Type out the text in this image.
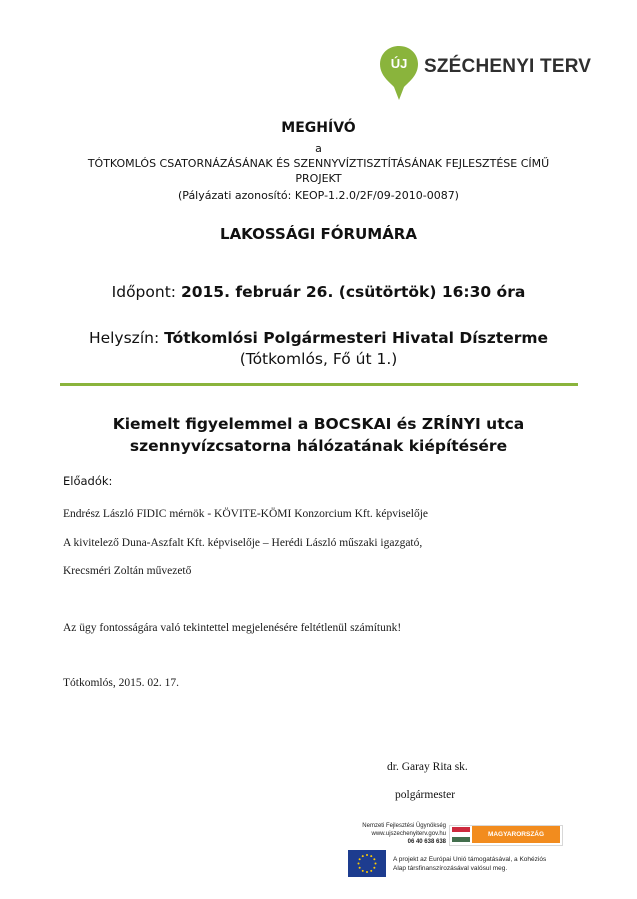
ÚJ SZÉCHENYI TERV
MEGHÍVÓ
a
TÓTKOMLÓS CSATORNÁZÁSÁNAK ÉS SZENNYVÍZTISZTÍTÁSÁNAK FEJLESZTÉSE CÍMŰ
PROJEKT
(Pályázati azonosító: KEOP-1.2.0/2F/09-2010-0087)
LAKOSSÁGI FÓRUMÁRA
Időpont: 2015. február 26. (csütörtök) 16:30 óra
Helyszín: Tótkomlósi Polgármesteri Hivatal Díszterme
(Tótkomlós, Fő út 1.)
Kiemelt figyelemmel a BOCSKAI és ZRÍNYI utca
szennyvízcsatorna hálózatának kiépítésére
Előadók:
Endrész László FIDIC mérnök - KÖVITE-KÖMI Konzorcium Kft. képviselője
A kivitelező Duna-Aszfalt Kft. képviselője – Herédi László műszaki igazgató,
Krecsméri Zoltán művezető
Az ügy fontosságára való tekintettel megjelenésére feltétlenül számítunk!
Tótkomlós, 2015. 02. 17.
dr. Garay Rita sk.
polgármester
Nemzeti Fejlesztési Ügynökség
www.ujszechenyiterv.gov.hu
06 40 638 638
MAGYARORSZÁG MEGÚJUL
A projekt az Európai Unió támogatásával, a Kohéziós
Alap társfinanszírozásával valósul meg.
